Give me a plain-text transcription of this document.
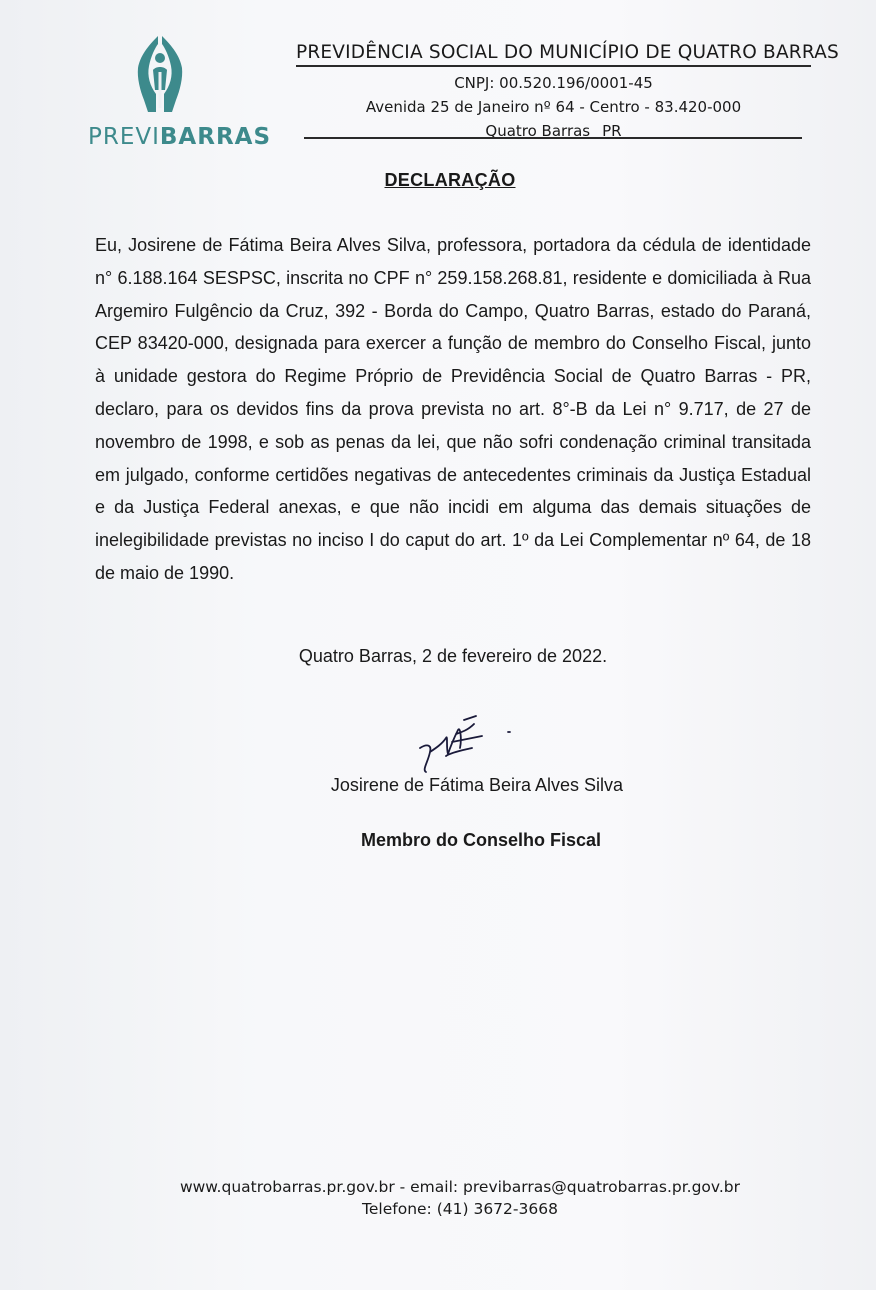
PREVIBARRAS
PREVIDÊNCIA SOCIAL DO MUNICÍPIO DE QUATRO BARRAS
CNPJ: 00.520.196/0001-45
Avenida 25 de Janeiro nº 64 - Centro - 83.420-000
Quatro Barras PR
DECLARAÇÃO
Eu, Josirene de Fátima Beira Alves Silva, professora, portadora da cédula de identidade n° 6.188.164 SESPSC, inscrita no CPF n° 259.158.268.81, residente e domiciliada à Rua Argemiro Fulgêncio da Cruz, 392 - Borda do Campo, Quatro Barras, estado do Paraná, CEP 83420-000, designada para exercer a função de membro do Conselho Fiscal, junto à unidade gestora do Regime Próprio de Previdência Social de Quatro Barras - PR, declaro, para os devidos fins da prova prevista no art. 8°-B da Lei n° 9.717, de 27 de novembro de 1998, e sob as penas da lei, que não sofri condenação criminal transitada em julgado, conforme certidões negativas de antecedentes criminais da Justiça Estadual e da Justiça Federal anexas, e que não incidi em alguma das demais situações de inelegibilidade previstas no inciso I do caput do art. 1º da Lei Complementar nº 64, de 18 de maio de 1990.
Quatro Barras, 2 de fevereiro de 2022.
Josirene de Fátima Beira Alves Silva
Membro do Conselho Fiscal
www.quatrobarras.pr.gov.br - email: previbarras@quatrobarras.pr.gov.br
Telefone: (41) 3672-3668
